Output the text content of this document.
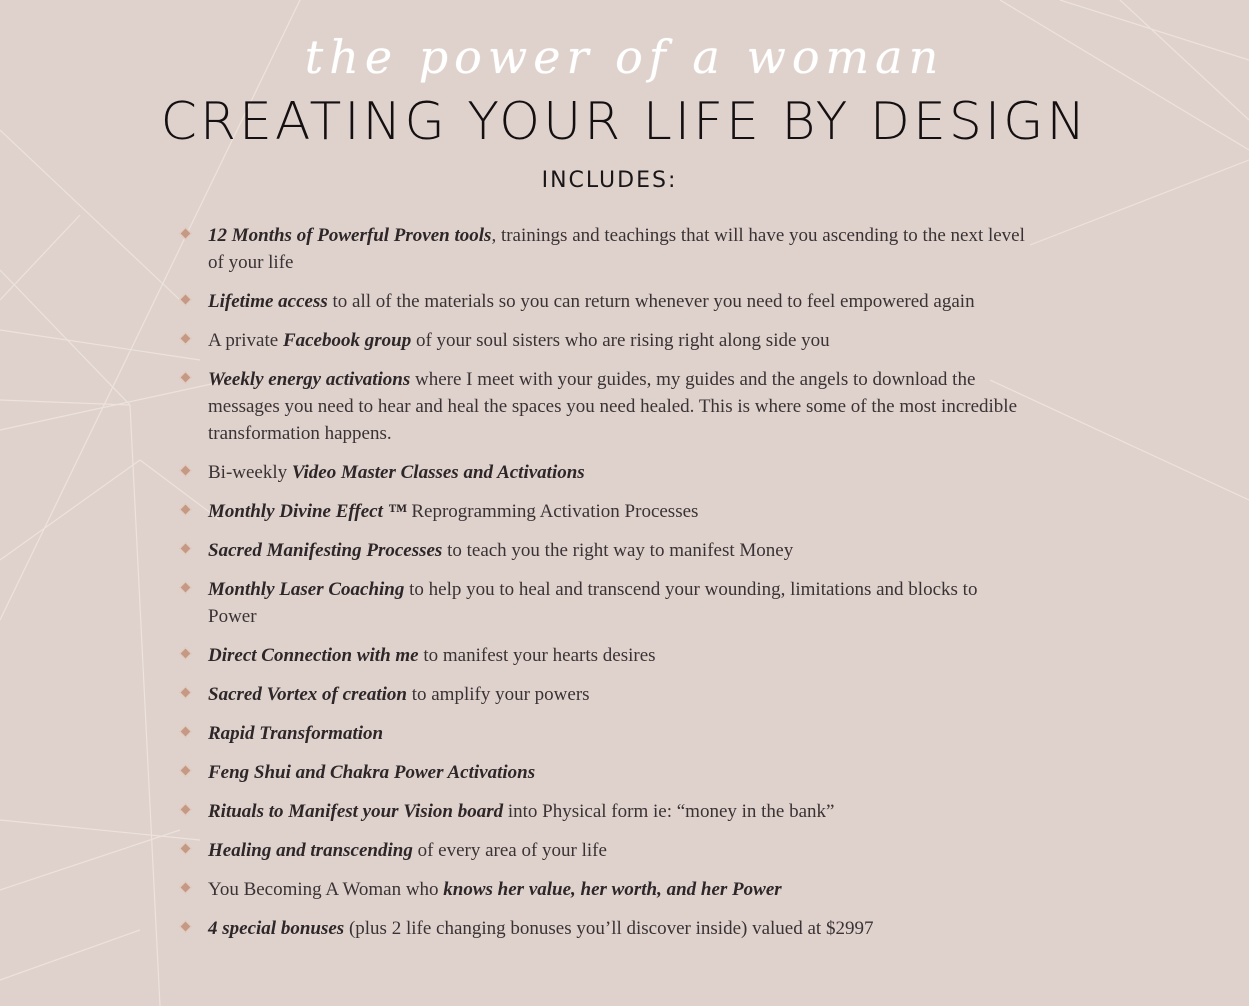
the power of a woman
CREATING YOUR LIFE BY DESIGN
INCLUDES:
12 Months of Powerful Proven tools, trainings and teachings that will have you ascending to the next level of your life
Lifetime access to all of the materials so you can return whenever you need to feel empowered again
A private Facebook group of your soul sisters who are rising right along side you
Weekly energy activations where I meet with your guides, my guides and the angels to download the messages you need to hear and heal the spaces you need healed. This is where some of the most incredible transformation happens.
Bi-weekly Video Master Classes and Activations
Monthly Divine Effect ™ Reprogramming Activation Processes
Sacred Manifesting Processes to teach you the right way to manifest Money
Monthly Laser Coaching to help you to heal and transcend your wounding, limitations and blocks to Power
Direct Connection with me to manifest your hearts desires
Sacred Vortex of creation to amplify your powers
Rapid Transformation
Feng Shui and Chakra Power Activations
Rituals to Manifest your Vision board into Physical form ie: “money in the bank”
Healing and transcending of every area of your life
You Becoming A Woman who knows her value, her worth, and her Power
4 special bonuses (plus 2 life changing bonuses you’ll discover inside) valued at $2997
